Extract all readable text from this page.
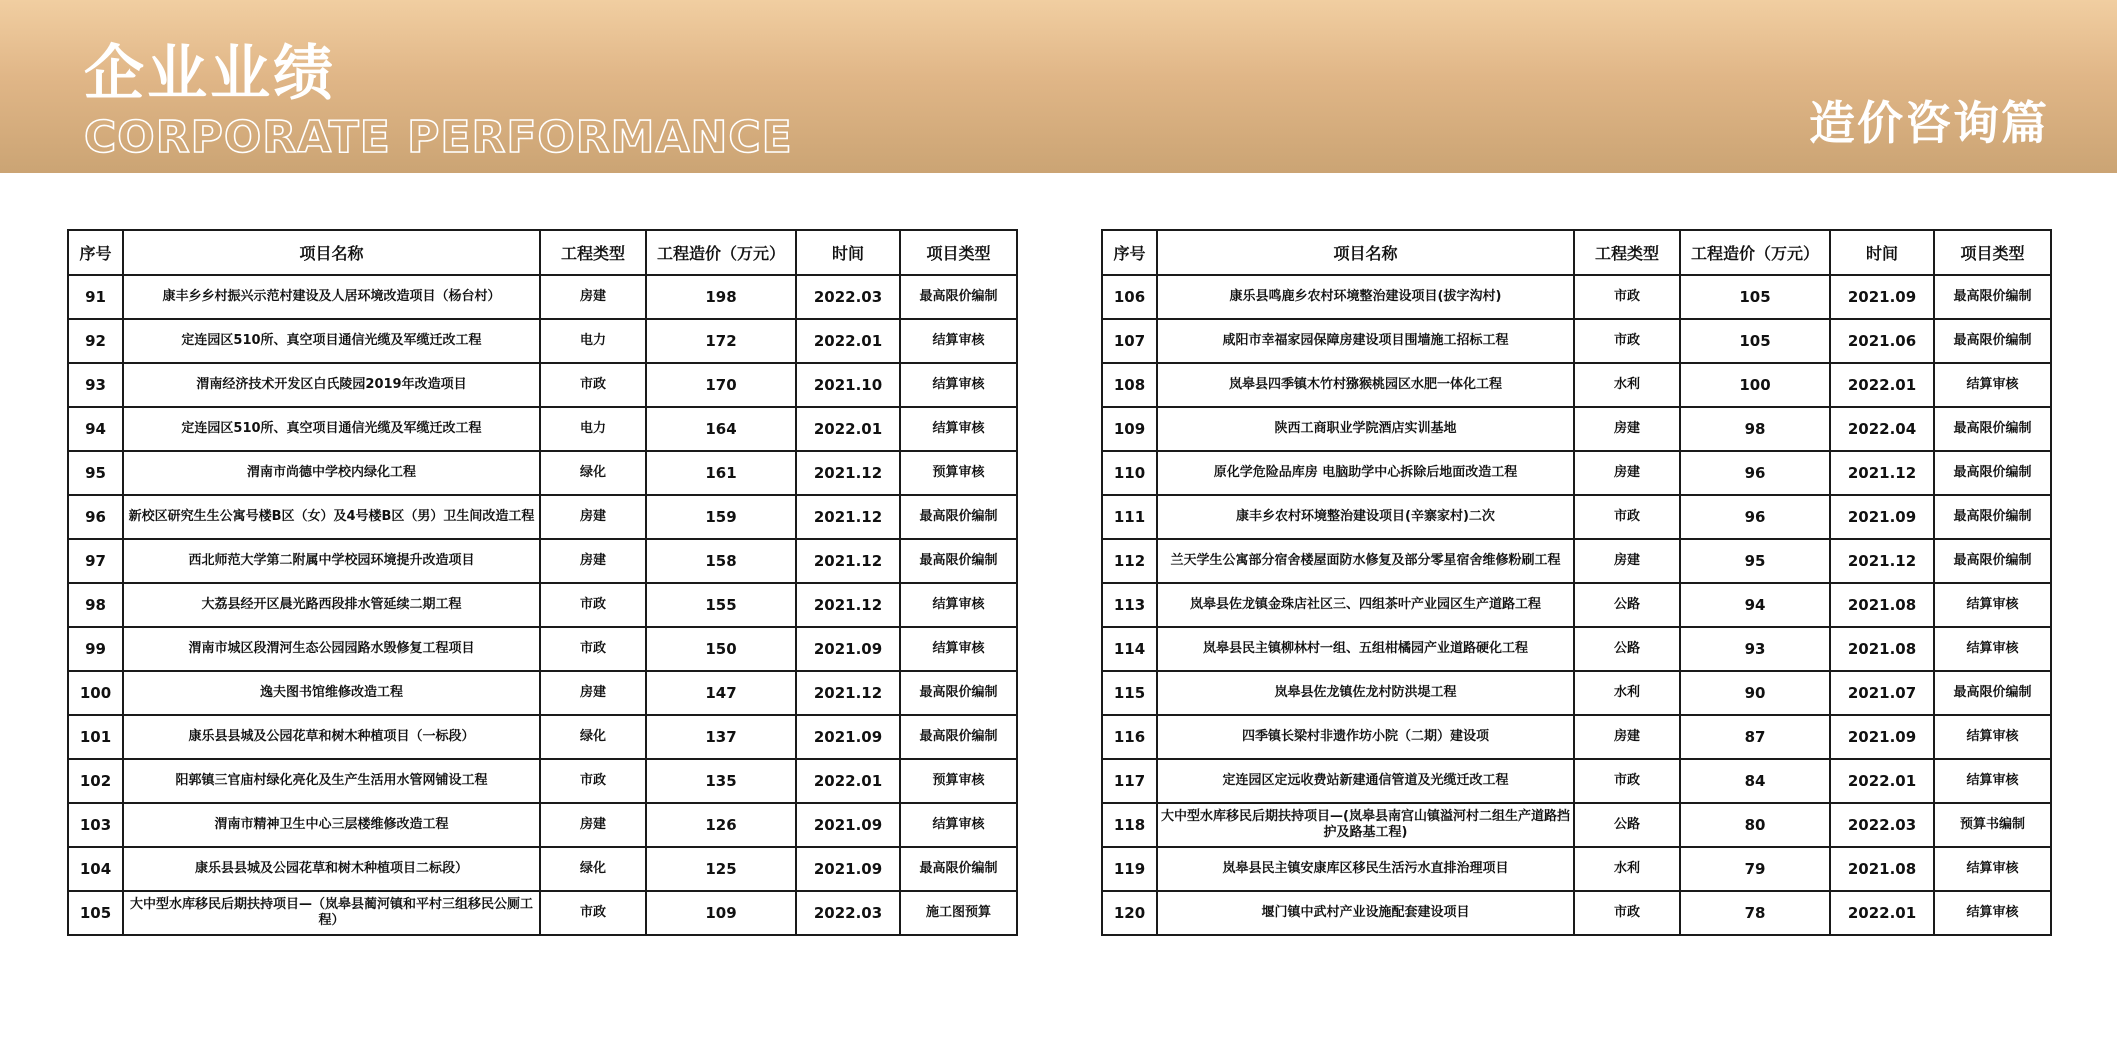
企业业绩
CORPORATE PERFORMANCE	造价咨询篇
序号	项目名称	工程类型	工程造价（万元）	时间	项目类型
91	康丰乡乡村振兴示范村建设及人居环境改造项目（杨台村）	房建	198	2022.03	最高限价编制
92	定连园区510所、真空项目通信光缆及军缆迁改工程	电力	172	2022.01	结算审核
93	渭南经济技术开发区白氏陵园2019年改造项目	市政	170	2021.10	结算审核
94	定连园区510所、真空项目通信光缆及军缆迁改工程	电力	164	2022.01	结算审核
95	渭南市尚德中学校内绿化工程	绿化	161	2021.12	预算审核
96	新校区研究生生公寓号楼B区（女）及4号楼B区（男）卫生间改造工程	房建	159	2021.12	最高限价编制
97	西北师范大学第二附属中学校园环境提升改造项目	房建	158	2021.12	最高限价编制
98	大荔县经开区晨光路西段排水管延续二期工程	市政	155	2021.12	结算审核
99	渭南市城区段渭河生态公园园路水毁修复工程项目	市政	150	2021.09	结算审核
100	逸夫图书馆维修改造工程	房建	147	2021.12	最高限价编制
101	康乐县县城及公园花草和树木种植项目（一标段）	绿化	137	2021.09	最高限价编制
102	阳郭镇三官庙村绿化亮化及生产生活用水管网铺设工程	市政	135	2022.01	预算审核
103	渭南市精神卫生中心三层楼维修改造工程	房建	126	2021.09	结算审核
104	康乐县县城及公园花草和树木种植项目二标段）	绿化	125	2021.09	最高限价编制
105	大中型水库移民后期扶持项目—（岚皋县蔺河镇和平村三组移民公厕工程）	市政	109	2022.03	施工图预算
序号	项目名称	工程类型	工程造价（万元）	时间	项目类型
106	康乐县鸣鹿乡农村环境整治建设项目(拔字沟村)	市政	105	2021.09	最高限价编制
107	咸阳市幸福家园保障房建设项目围墙施工招标工程	市政	105	2021.06	最高限价编制
108	岚皋县四季镇木竹村猕猴桃园区水肥一体化工程	水利	100	2022.01	结算审核
109	陕西工商职业学院酒店实训基地	房建	98	2022.04	最高限价编制
110	原化学危险品库房 电脑助学中心拆除后地面改造工程	房建	96	2021.12	最高限价编制
111	康丰乡农村环境整治建设项目(辛寨家村)二次	市政	96	2021.09	最高限价编制
112	兰天学生公寓部分宿舍楼屋面防水修复及部分零星宿舍维修粉刷工程	房建	95	2021.12	最高限价编制
113	岚皋县佐龙镇金珠店社区三、四组茶叶产业园区生产道路工程	公路	94	2021.08	结算审核
114	岚皋县民主镇柳林村一组、五组柑橘园产业道路硬化工程	公路	93	2021.08	结算审核
115	岚皋县佐龙镇佐龙村防洪堤工程	水利	90	2021.07	最高限价编制
116	四季镇长梁村非遗作坊小院（二期）建设项	房建	87	2021.09	结算审核
117	定连园区定远收费站新建通信管道及光缆迁改工程	市政	84	2022.01	结算审核
118	大中型水库移民后期扶持项目—(岚皋县南宫山镇溢河村二组生产道路挡护及路基工程)	公路	80	2022.03	预算书编制
119	岚皋县民主镇安康库区移民生活污水直排治理项目	水利	79	2021.08	结算审核
120	堰门镇中武村产业设施配套建设项目	市政	78	2022.01	结算审核
